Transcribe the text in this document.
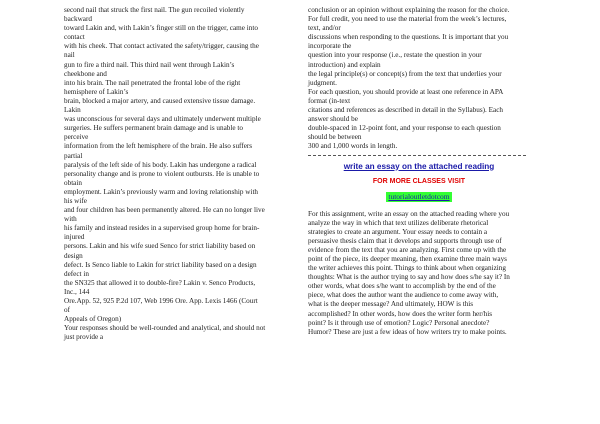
second nail that struck the first nail. The gun recoiled violently
backward
toward Lakin and, with Lakin’s finger still on the trigger, came into
contact
with his cheek. That contact activated the safety/trigger, causing the
nail
gun to fire a third nail. This third nail went through Lakin’s
cheekbone and
into his brain. The nail penetrated the frontal lobe of the right
hemisphere of Lakin’s
brain, blocked a major artery, and caused extensive tissue damage.
Lakin
was unconscious for several days and ultimately underwent multiple
surgeries. He suffers permanent brain damage and is unable to
perceive
information from the left hemisphere of the brain. He also suffers
partial
paralysis of the left side of his body. Lakin has undergone a radical
personality change and is prone to violent outbursts. He is unable to
obtain
employment. Lakin’s previously warm and loving relationship with
his wife
and four children has been permanently altered. He can no longer live
with
his family and instead resides in a supervised group home for brain-
injured
persons. Lakin and his wife sued Senco for strict liability based on
design
defect. Is Senco liable to Lakin for strict liability based on a design
defect in
the SN325 that allowed it to double-fire? Lakin v. Senco Products,
Inc., 144
Ore.App. 52, 925 P.2d 107, Web 1996 Ore. App. Lexis 1466 (Court
of
Appeals of Oregon)
Your responses should be well-rounded and analytical, and should not
just provide a
conclusion or an opinion without explaining the reason for the choice.
For full credit, you need to use the material from the week’s lectures,
text, and/or
discussions when responding to the questions. It is important that you
incorporate the
question into your response (i.e., restate the question in your
introduction) and explain
the legal principle(s) or concept(s) from the text that underlies your
judgment.
For each question, you should provide at least one reference in APA
format (in-text
citations and references as described in detail in the Syllabus). Each
answer should be
double-spaced in 12-point font, and your response to each question
should be between
300 and 1,000 words in length.
write an essay on the attached reading
FOR MORE CLASSES VISIT
tutorialoutletdotcom
For this assignment, write an essay on the attached reading where you
analyze the way in which that text utilizes deliberate rhetorical
strategies to create an argument. Your essay needs to contain a
persuasive thesis claim that it develops and supports through use of
evidence from the text that you are analyzing. First come up with the
point of the piece, its deeper meaning, then examine three main ways
the writer achieves this point. Things to think about when organizing
thoughts: What is the author trying to say and how does s/he say it? In
other words, what does s/he want to accomplish by the end of the
piece, what does the author want the audience to come away with,
what is the deeper message? And ultimately, HOW is this
accomplished? In other words, how does the writer form her/his
point? Is it through use of emotion? Logic? Personal anecdote?
Humor? These are just a few ideas of how writers try to make points.
